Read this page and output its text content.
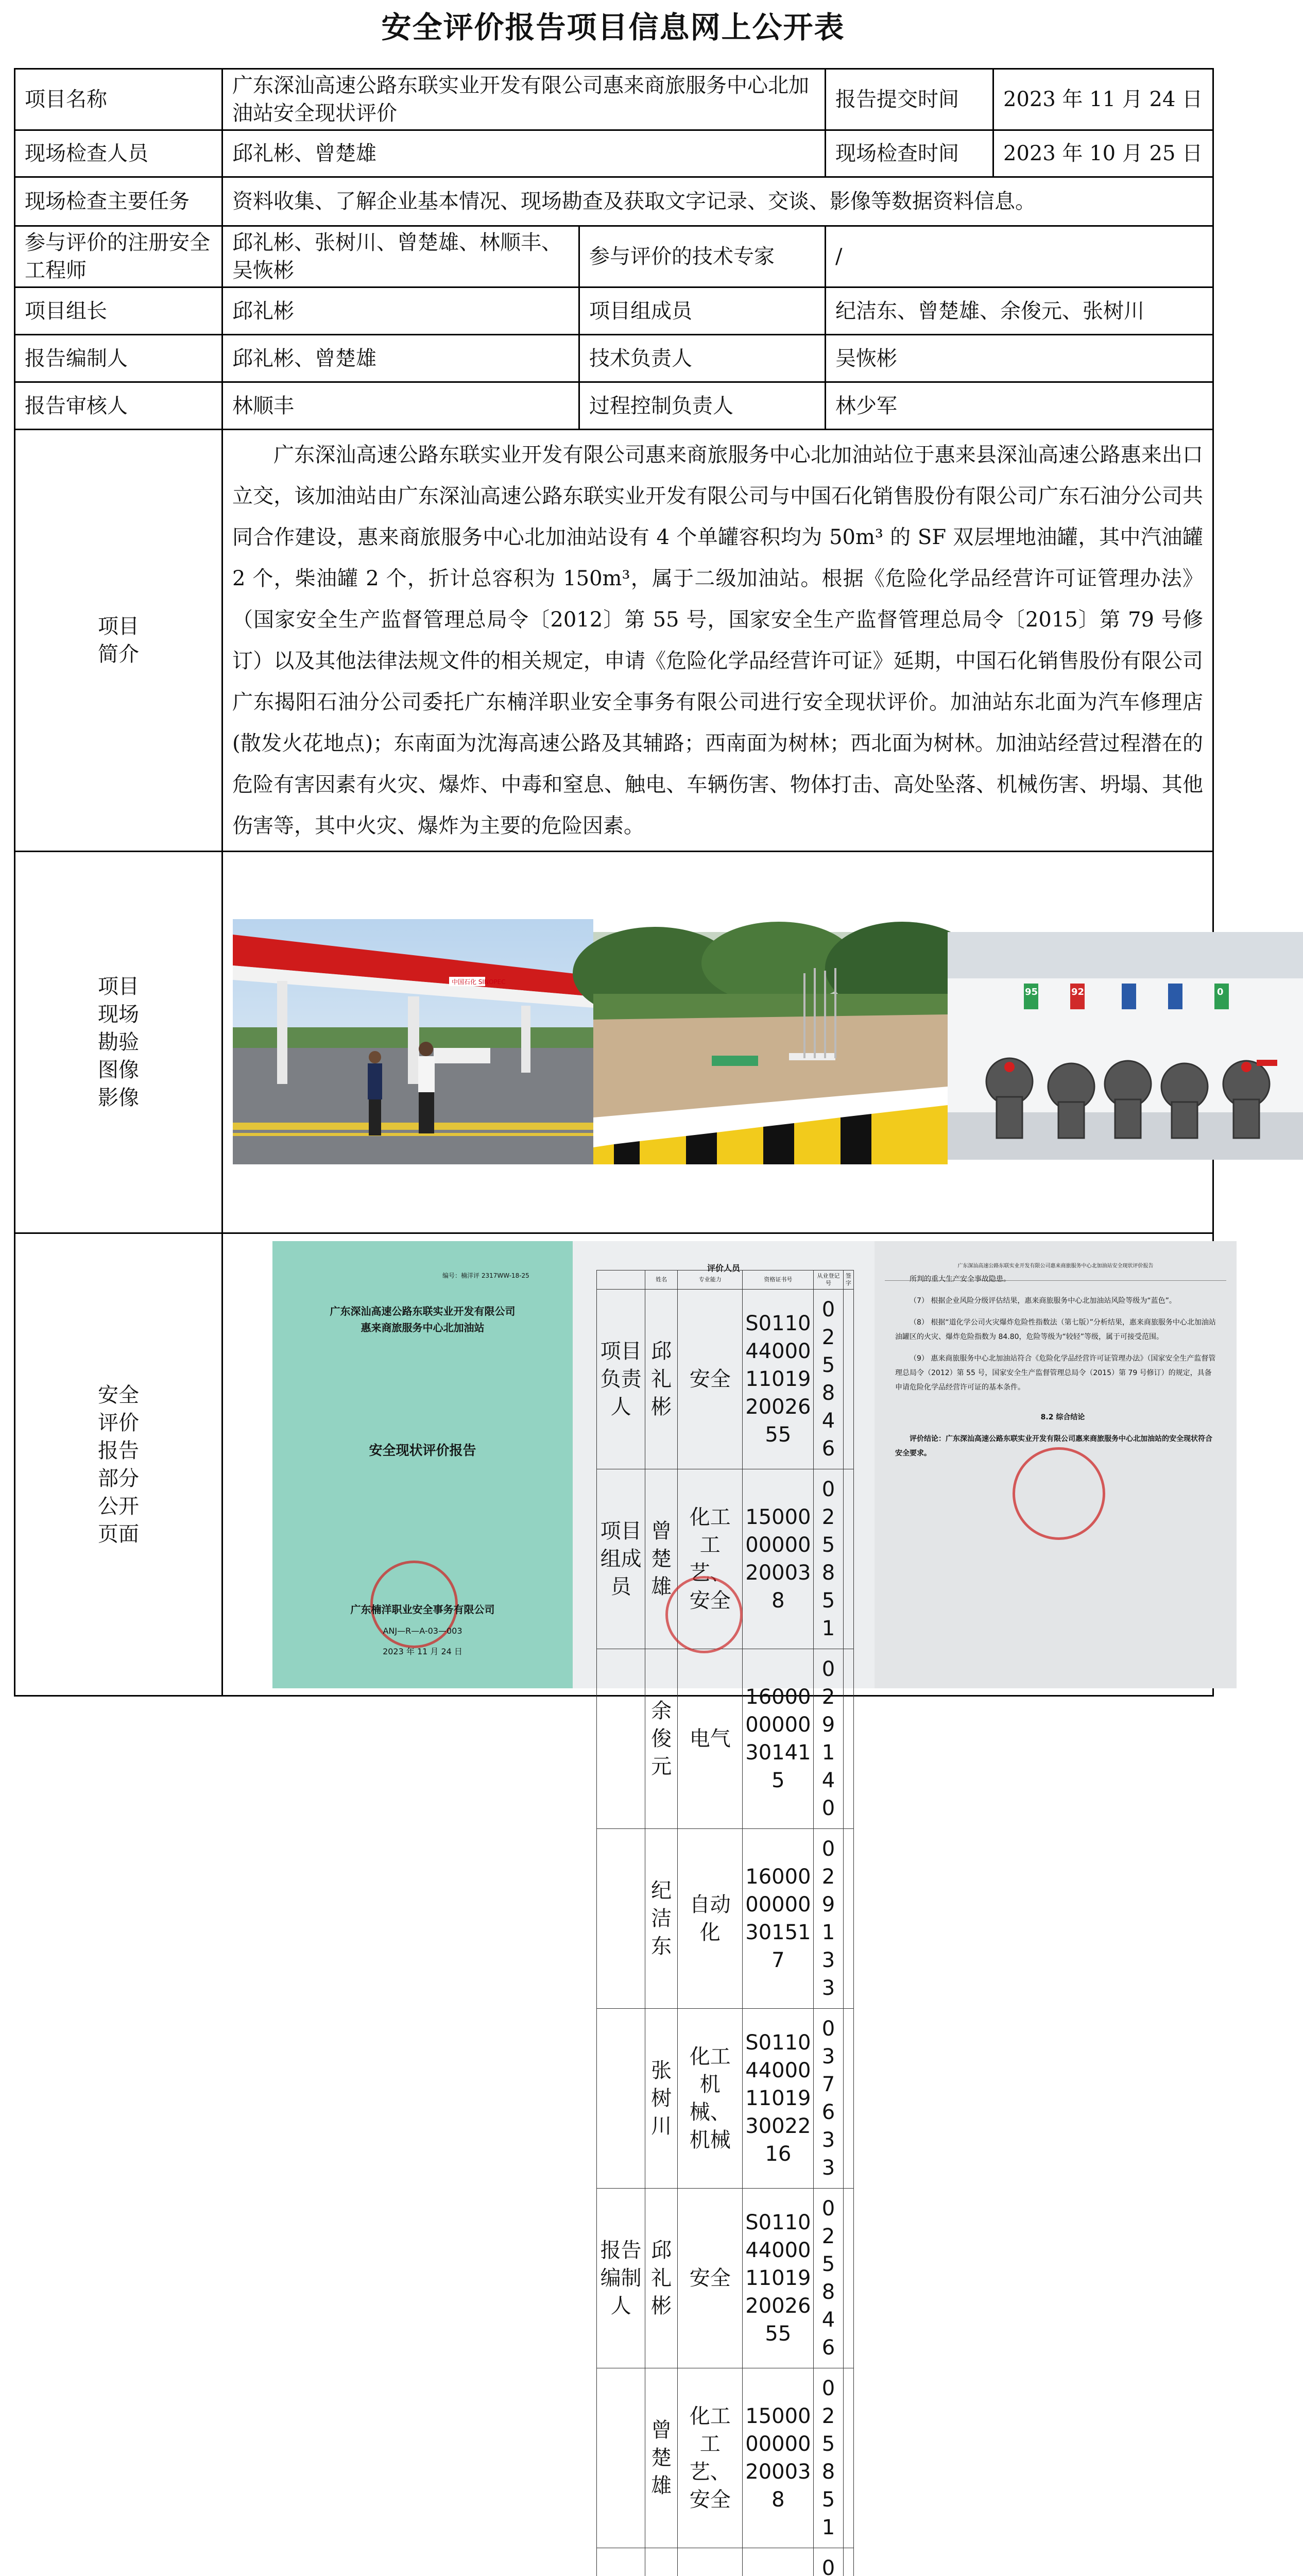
安全评价报告项目信息网上公开表
项目名称	广东深汕高速公路东联实业开发有限公司惠来商旅服务中心北加油站安全现状评价	报告提交时间	2023 年 11 月 24 日
现场检查人员	邱礼彬、曾楚雄	现场检查时间	2023 年 10 月 25 日
现场检查主要任务	资料收集、了解企业基本情况、现场勘查及获取文字记录、交谈、影像等数据资料信息。
参与评价的注册安全工程师	邱礼彬、张树川、曾楚雄、林顺丰、吴恢彬	参与评价的技术专家	/
项目组长	邱礼彬	项目组成员	纪洁东、曾楚雄、余俊元、张树川
报告编制人	邱礼彬、曾楚雄	技术负责人	吴恢彬
报告审核人	林顺丰	过程控制负责人	林少军

项目简介

广东深汕高速公路东联实业开发有限公司惠来商旅服务中心北加油站位于惠来县深汕高速公路惠来出口立交，该加油站由广东深汕高速公路东联实业开发有限公司与中国石化销售股份有限公司广东石油分公司共同合作建设，惠来商旅服务中心北加油站设有 4 个单罐容积均为 50m³ 的 SF 双层埋地油罐，其中汽油罐 2 个，柴油罐 2 个，折计总容积为 150m³，属于二级加油站。根据《危险化学品经营许可证管理办法》（国家安全生产监督管理总局令〔2012〕第 55 号，国家安全生产监督管理总局令〔2015〕第 79 号修订）以及其他法律法规文件的相关规定，申请《危险化学品经营许可证》延期，中国石化销售股份有限公司广东揭阳石油分公司委托广东楠洋职业安全事务有限公司进行安全现状评价。加油站东北面为汽车修理店(散发火花地点)；东南面为沈海高速公路及其辅路；西南面为树林；西北面为树林。加油站经营过程潜在的危险有害因素有火灾、爆炸、中毒和窒息、触电、车辆伤害、物体打击、高处坠落、机械伤害、坍塌、其他伤害等，其中火灾、爆炸为主要的危险因素。

项目现场勘验图像影像

中国石化 SINOPEC
95	92	0

安全评价报告部分公开页面

编号：楠洋评 2317WW-18-25
广东深汕高速公路东联实业开发有限公司
惠来商旅服务中心北加油站
安全现状评价报告
广东楠洋职业安全事务有限公司
ANJ—R—A-03—003
2023 年 11 月 24 日
评价人员
	姓名	专业能力	资格证书号	从业登记号	签字
项目负责人	邱礼彬	安全	S011044000110192002655	025846	
项目组成员	曾楚雄	化工工艺、安全	1500000000200038	025851	
	余俊元	电气	1600000000301415	029140	
	纪洁东	自动化	1600000000301517	029133	
	张树川	化工机械、机械	S011044000110193002216	037633	
报告编制人	邱礼彬	安全	S011044000110192002655	025846	
	曾楚雄	化工工艺、安全	1500000000200038	025851	
				0	

广东深汕高速公路东联实业开发有限公司惠来商旅服务中心北加油站安全现状评价报告

所判的重大生产安全事故隐患。

（7） 根据企业风险分级评估结果，惠来商旅服务中心北加油站风险等级为“蓝色”。

（8） 根据“道化学公司火灾爆炸危险性指数法（第七版）”分析结果，惠来商旅服务中心北加油站油罐区的火灾、爆炸危险指数为 84.80，危险等级为“较轻”等级，属于可接受范围。

（9） 惠来商旅服务中心北加油站符合《危险化学品经营许可证管理办法》（国家安全生产监督管理总局令（2012）第 55 号，国家安全生产监督管理总局令（2015）第 79 号修订）的规定，具备申请危险化学品经营许可证的基本条件。

8.2 综合结论

评价结论：广东深汕高速公路东联实业开发有限公司惠来商旅服务中心北加油站的安全现状符合安全要求。
